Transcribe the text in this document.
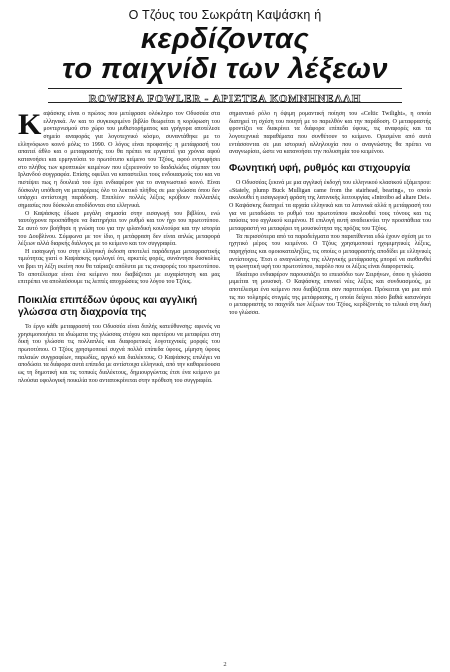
Ο Τζόυς του Σωκράτη Καψάσκη ή

κερδίζοντας
το παιχνίδι των λέξεων
ROWENA FOWLER - ΑΡΙΣΤΕΑ ΚΟΜΝΗΝΕΛΛΗ

Καψάσκης είναι ο πρώτος που μετέφρασε ολόκληρο τον Οδυσσέα στα ελληνικά. Αν και το συγκεκριμένο βιβλίο θεωρείται η κορύφωση του μοντερνισμού στο χώρο του μυθιστορήματος και γρήγορα αποτέλεσε σημείο αναφοράς για λογοτεχνικό κόσμο, συναντάθηκε με το ελληνόφωνο κοινό μόλις το 1990. Ο λόγος είναι προφανής: η μετάφρασή του απαιτεί άθλο και ο μεταφραστής του θα πρέπει να εργαστεί για χρόνια αφού κατανοήσει και ερμηνεύσει το πρωτότυπο κείμενο του Τζόυς, αφού εντρυφήσει στο πλήθος των κρυπτικών κειμένων που εξερευνούν το δαιδαλώδες σύμπαν του Ιρλανδού συγγραφέα. Επίσης οφείλει να καταστείλει τους ενδοιασμούς του και να πιστέψει πως η δουλειά του έχει ενδιαφέρον για το αναγνωστικό κοινό. Είναι δύσκολη υπόθεση να μεταφέρεις όλο το λεκτικό πλήθος σε μια γλώσσα όπου δεν υπάρχει αντίστοιχη παράδοση. Επιπλέον πολλές λέξεις κρύβουν πολλαπλές σημασίες που δύσκολα αποδίδονται στα ελληνικά.

Ο Καψάσκης έδωσε μεγάλη σημασία στην εισαγωγή του βιβλίου, ενώ ταυτόχρονα προσπάθησε να διατηρήσει τον ρυθμό και τον ήχο του πρωτοτύπου. Σε αυτό τον βοήθησε η γνώση του για την ιρλανδική κουλτούρα και την ιστορία του Δουβλίνου. Σύμφωνα με τον ίδιο, η μετάφραση δεν είναι απλώς μεταφορά λέξεων αλλά διαρκής διάλογος με το κείμενο και τον συγγραφέα.

Η εισαγωγή του στην ελληνική έκδοση αποτελεί παράδειγμα μεταφραστικής τιμιότητας γιατί ο Καψάσκης ομολογεί ότι, αρκετές φορές, συνάντησε δυσκολίες να βρει τη λέξη εκείνη που θα ταίριαζε απόλυτα με τις αναφορές του πρωτοτύπου. Το αποτέλεσμα είναι ένα κείμενο που διαβάζεται με ευχαρίστηση και μας επιτρέπει να απολαύσουμε τις λεπτές αποχρώσεις του λόγου του Τζόυς.

Ποικιλία επιπέδων ύφους και αγγλική γλώσσα στη διαχρονία της

Το έργο κάθε μεταφραστή του Οδυσσέα είναι διπλής κατεύθυνσης: αφενός να χρησιμοποιήσει τα ιδιώματα της γλώσσας στόχου και αφετέρου να μεταφέρει στη δική του γλώσσα τις πολλαπλές και διαφορετικές λογοτεχνικές μορφές του πρωτοτύπου. Ο Τζόυς χρησιμοποιεί συχνά πολλά επίπεδα ύφους, μίμηση ύφους παλαιών συγγραφέων, παρωδίες, αργκό και διαλέκτους. Ο Καψάσκης επιλέγει να αποδώσει τα διάφορα αυτά επίπεδα με αντίστοιχα ελληνικά, από την καθαρεύουσα ως τη δημοτική και τις τοπικές διαλέκτους, δημιουργώντας έτσι ένα κείμενο με πλούσια υφολογική ποικιλία που ανταποκρίνεται στην πρόθεση του συγγραφέα.

σημαντικό ρόλο η όψιμη ρομαντική ποίηση του «Celtic Twilight», η οποία διατηρεί τη σχέση του ποιητή με το παρελθόν και την παράδοση. Ο μεταφραστής φροντίζει να διακρίνει τα διάφορα επίπεδα ύφους, τις αναφορές και τα λογοτεχνικά παραθέματα που συνθέτουν το κείμενο. Ορισμένα από αυτά εντάσσονται σε μια ιστορική αλληλουχία που ο αναγνώστης θα πρέπει να αναγνωρίσει, ώστε να κατανοήσει την πολυσημία του κειμένου.

Φωνητική υφή, ρυθμός και στιχουργία

Ο Οδυσσέας ξεκινά με μια αγγλική έκδοχή του ελληνικού κλασικού εξάμετρου: «Stately, plump Buck Mulligan came from the stairhead, bearing», το οποίο ακολουθεί η εισαγωγική φράση της λατινικής λειτουργίας «Introibo ad altare Dei». Ο Καψάσκης διατηρεί τα αρχαία ελληνικά και τα λατινικά αλλά η μετάφρασή του για να μεταδώσει το ρυθμό του πρωτοτύπου ακολουθεί τους τόνους και τις παύσεις του αγγλικού κειμένου. Η επιλογή αυτή αναδεικνύει την προσπάθεια του μεταφραστή να μεταφέρει τη μουσικότητα της πρόζας του Τζόυς.

Τα περισσότερα από τα παραδείγματα που παρατίθενται εδώ έχουν σχέση με το ηχητικό μέρος του κειμένου. Ο Τζόυς χρησιμοποιεί ηχομιμητικές λέξεις, παρηχήσεις και ομοιοκαταληξίες, τις οποίες ο μεταφραστής αποδίδει με ελληνικές αντίστοιχες. Έτσι ο αναγνώστης της ελληνικής μετάφρασης μπορεί να αισθανθεί τη φωνητική υφή του πρωτοτύπου, παρόλο που οι λέξεις είναι διαφορετικές.

Ιδιαίτερο ενδιαφέρον παρουσιάζει το επεισόδιο των Σειρήνων, όπου η γλώσσα μιμείται τη μουσική. Ο Καψάσκης επινοεί νέες λέξεις και συνδυασμούς, με αποτέλεσμα ένα κείμενο που διαβάζεται σαν παρτιτούρα. Πρόκειται για μια από τις πιο τολμηρές στιγμές της μετάφρασης, η οποία δείχνει πόσο βαθιά κατανόησε ο μεταφραστής το παιχνίδι των λέξεων του Τζόυς, κερδίζοντάς το τελικά στη δική του γλώσσα.

2
